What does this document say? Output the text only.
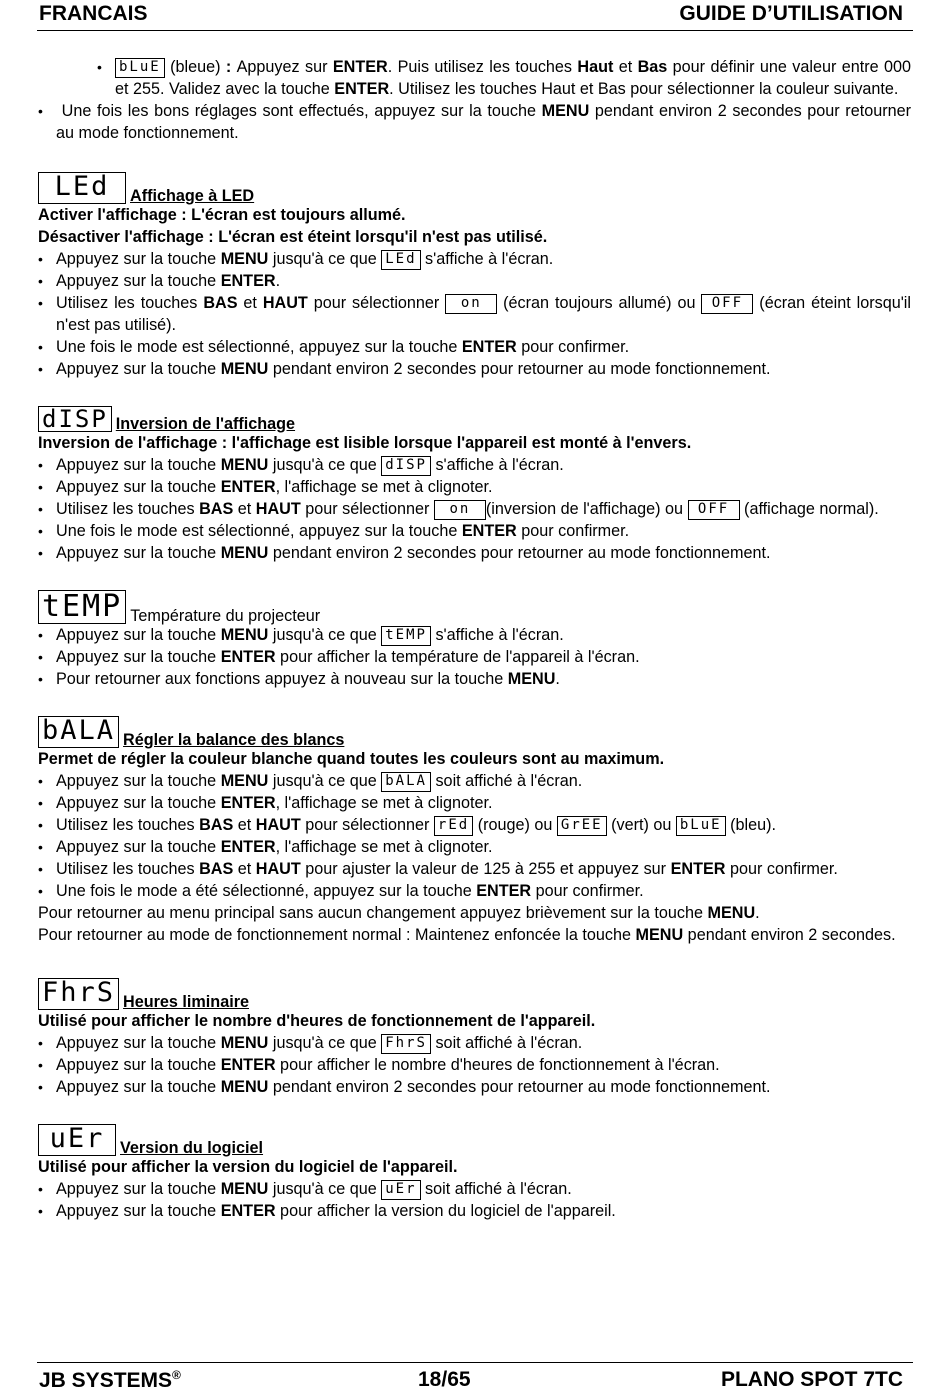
FRANCAIS	GUIDE D’UTILISATION
• bLuE (bleue) : Appuyez sur ENTER. Puis utilisez les touches Haut et Bas pour définir une valeur entre 000 et 255. Validez avec la touche ENTER. Utilisez les touches Haut et Bas pour sélectionner la couleur suivante.
• Une fois les bons réglages sont effectués, appuyez sur la touche MENU pendant environ 2 secondes pour retourner au mode fonctionnement.
LEd	Affichage à LED

Activer l'affichage : L'écran est toujours allumé.

Désactiver l'affichage : L'écran est éteint lorsqu'il n'est pas utilisé.

• Appuyez sur la touche MENU jusqu'à ce que LEd s'affiche à l'écran.
• Appuyez sur la touche ENTER.
• Utilisez les touches BAS et HAUT pour sélectionner on (écran toujours allumé) ou OFF (écran éteint lorsqu'il n'est pas utilisé).
• Une fois le mode est sélectionné, appuyez sur la touche ENTER pour confirmer.
• Appuyez sur la touche MENU pendant environ 2 secondes pour retourner au mode fonctionnement.
dISP Inversion de l'affichage

Inversion de l'affichage : l'affichage est lisible lorsque l'appareil est monté à l'envers.

• Appuyez sur la touche MENU jusqu'à ce que dISP s'affiche à l'écran.
• Appuyez sur la touche ENTER, l'affichage se met à clignoter.
• Utilisez les touches BAS et HAUT pour sélectionner on (inversion de l'affichage) ou OFF (affichage normal).
• Une fois le mode est sélectionné, appuyez sur la touche ENTER pour confirmer.
• Appuyez sur la touche MENU pendant environ 2 secondes pour retourner au mode fonctionnement.
tEMP Température du projecteur
• Appuyez sur la touche MENU jusqu'à ce que tEMP s'affiche à l'écran.
• Appuyez sur la touche ENTER pour afficher la température de l'appareil à l'écran.
• Pour retourner aux fonctions appuyez à nouveau sur la touche MENU.
bALA Régler la balance des blancs

Permet de régler la couleur blanche quand toutes les couleurs sont au maximum.

• Appuyez sur la touche MENU jusqu'à ce que bALA soit affiché à l'écran.
• Appuyez sur la touche ENTER, l'affichage se met à clignoter.
• Utilisez les touches BAS et HAUT pour sélectionner rEd (rouge) ou GrEE (vert) ou bLuE (bleu).
• Appuyez sur la touche ENTER, l'affichage se met à clignoter.
• Utilisez les touches BAS et HAUT pour ajuster la valeur de 125 à 255 et appuyez sur ENTER pour confirmer.
• Une fois le mode a été sélectionné, appuyez sur la touche ENTER pour confirmer.

Pour retourner au menu principal sans aucun changement appuyez brièvement sur la touche MENU.

Pour retourner au mode de fonctionnement normal : Maintenez enfoncée la touche MENU pendant environ 2 secondes.

FhrS Heures liminaire

Utilisé pour afficher le nombre d'heures de fonctionnement de l'appareil.

• Appuyez sur la touche MENU jusqu'à ce que FhrS soit affiché à l'écran.
• Appuyez sur la touche ENTER pour afficher le nombre d'heures de fonctionnement à l'écran.
• Appuyez sur la touche MENU pendant environ 2 secondes pour retourner au mode fonctionnement.
uEr Version du logiciel

Utilisé pour afficher la version du logiciel de l'appareil.

• Appuyez sur la touche MENU jusqu'à ce que uEr soit affiché à l'écran.
• Appuyez sur la touche ENTER pour afficher la version du logiciel de l'appareil.
JB SYSTEMS®	18/65	PLANO SPOT 7TC
